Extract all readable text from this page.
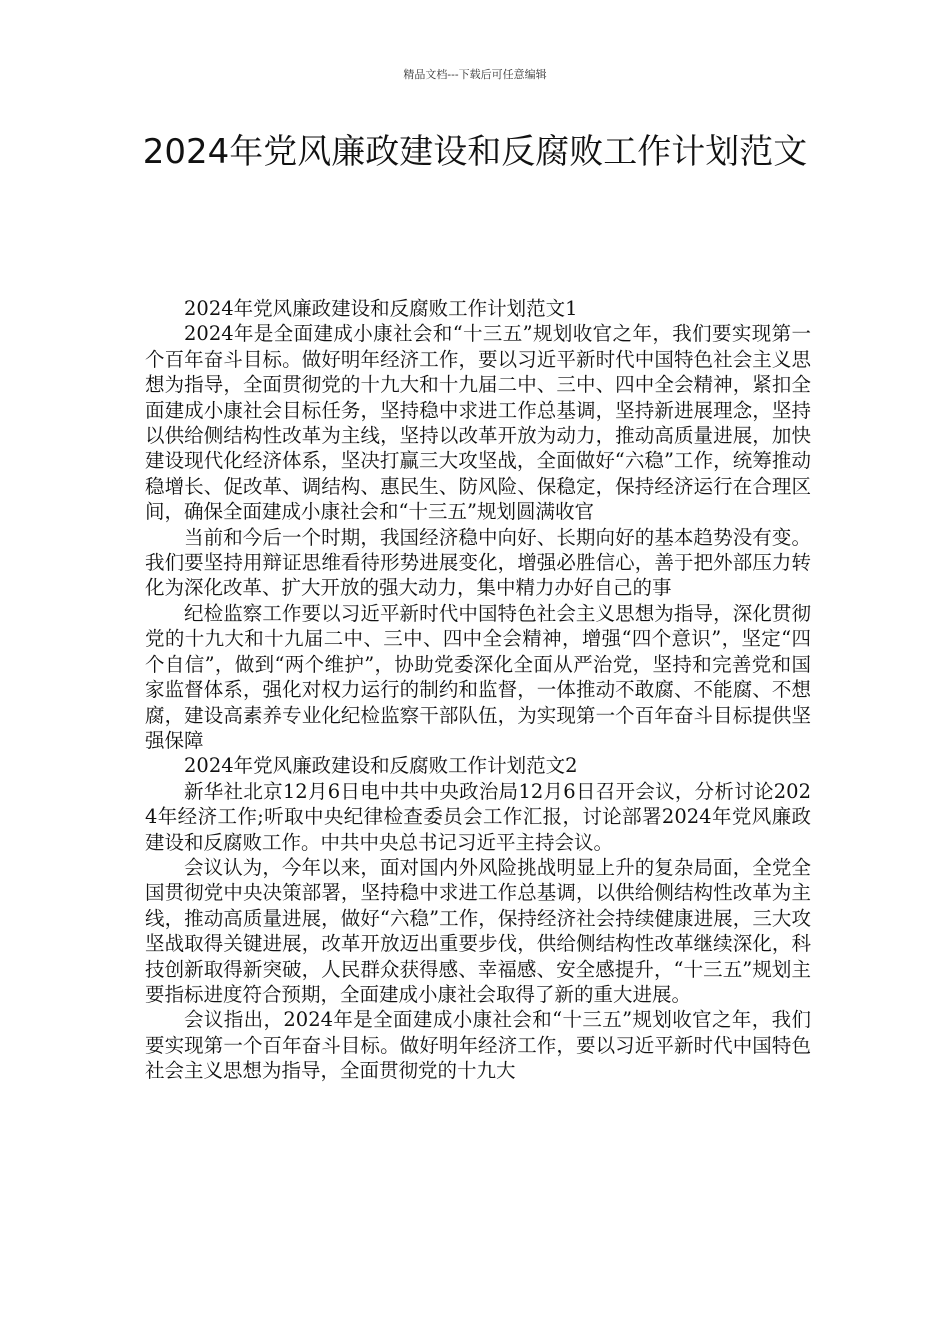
精品文档---下载后可任意编辑
2024年党风廉政建设和反腐败工作计划范文

2024年党风廉政建设和反腐败工作计划范文1

2024年是全面建成小康社会和“十三五”规划收官之年，我们要实现第一个百年奋斗目标。做好明年经济工作，要以习近平新时代中国特色社会主义思想为指导，全面贯彻党的十九大和十九届二中、三中、四中全会精神，紧扣全面建成小康社会目标任务，坚持稳中求进工作总基调，坚持新进展理念，坚持以供给侧结构性改革为主线，坚持以改革开放为动力，推动高质量进展，加快建设现代化经济体系，坚决打赢三大攻坚战，全面做好“六稳”工作，统筹推动稳增长、促改革、调结构、惠民生、防风险、保稳定，保持经济运行在合理区间，确保全面建成小康社会和“十三五”规划圆满收官

当前和今后一个时期，我国经济稳中向好、长期向好的基本趋势没有变。我们要坚持用辩证思维看待形势进展变化，增强必胜信心，善于把外部压力转化为深化改革、扩大开放的强大动力，集中精力办好自己的事

纪检监察工作要以习近平新时代中国特色社会主义思想为指导，深化贯彻党的十九大和十九届二中、三中、四中全会精神，增强“四个意识”，坚定“四个自信”，做到“两个维护”，协助党委深化全面从严治党，坚持和完善党和国家监督体系，强化对权力运行的制约和监督，一体推动不敢腐、不能腐、不想腐，建设高素养专业化纪检监察干部队伍，为实现第一个百年奋斗目标提供坚强保障

2024年党风廉政建设和反腐败工作计划范文2

新华社北京12月6日电中共中央政治局12月6日召开会议，分析讨论2024年经济工作;听取中央纪律检查委员会工作汇报，讨论部署2024年党风廉政建设和反腐败工作。中共中央总书记习近平主持会议。

会议认为，今年以来，面对国内外风险挑战明显上升的复杂局面，全党全国贯彻党中央决策部署，坚持稳中求进工作总基调，以供给侧结构性改革为主线，推动高质量进展，做好“六稳”工作，保持经济社会持续健康进展，三大攻坚战取得关键进展，改革开放迈出重要步伐，供给侧结构性改革继续深化，科技创新取得新突破，人民群众获得感、幸福感、安全感提升，“十三五”规划主要指标进度符合预期，全面建成小康社会取得了新的重大进展。

会议指出，2024年是全面建成小康社会和“十三五”规划收官之年，我们要实现第一个百年奋斗目标。做好明年经济工作，要以习近平新时代中国特色社会主义思想为指导，全面贯彻党的十九大
